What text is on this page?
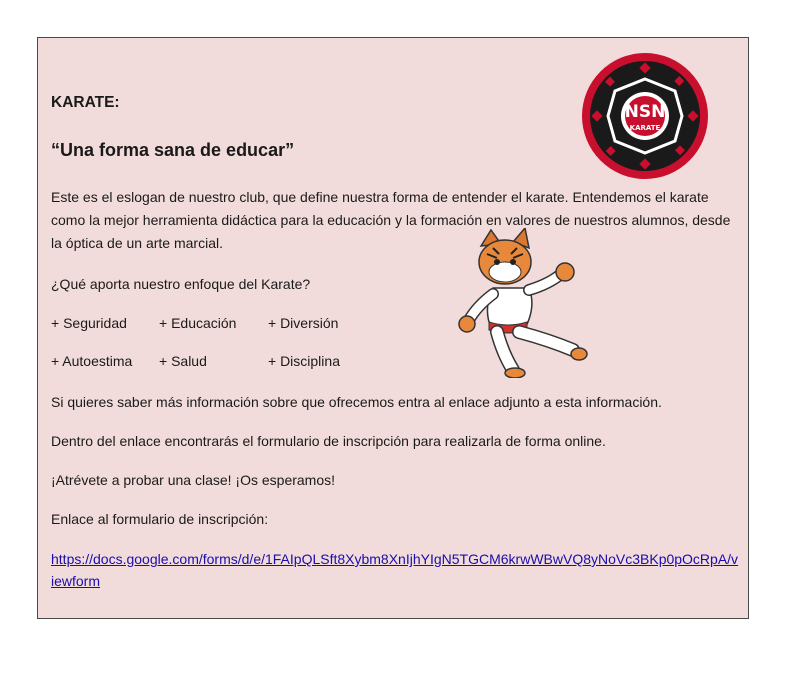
NSN
KARATE
KARATE:
“Una forma sana de educar”
Este es el eslogan de nuestro club, que define nuestra forma de entender el karate. Entendemos el karate como la mejor herramienta didáctica para la educación y la formación en valores de nuestros alumnos, desde la óptica de un arte marcial.
¿Qué aporta nuestro enfoque del Karate?
+ Seguridad + Educación + Diversión
+ Autoestima + Salud	+ Disciplina
Si quieres saber más información sobre que ofrecemos entra al enlace adjunto a esta información.
Dentro del enlace encontrarás el formulario de inscripción para realizarla de forma online.
¡Atrévete a probar una clase! ¡Os esperamos!
Enlace al formulario de inscripción:
https://docs.google.com/forms/d/e/1FAIpQLSft8Xybm8XnIjhYIgN5TGCM6krwWBwVQ8yNoVc3BKp0pOcRpA/viewform
